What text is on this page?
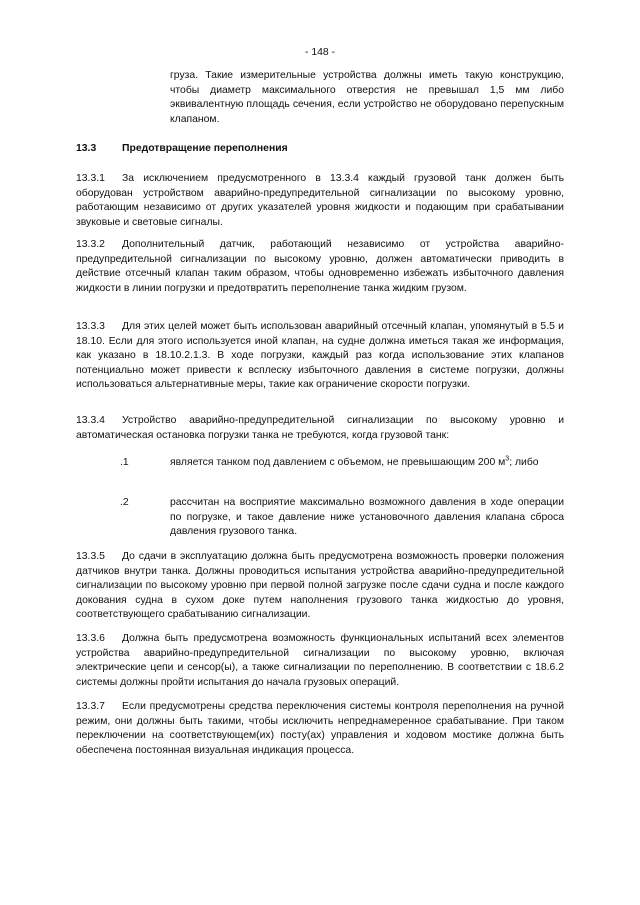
- 148 -
груза. Такие измерительные устройства должны иметь такую конструкцию, чтобы диаметр максимального отверстия не превышал 1,5 мм либо эквивалентную площадь сечения, если устройство не оборудовано перепускным клапаном.
13.3 Предотвращение переполнения
13.3.1 За исключением предусмотренного в 13.3.4 каждый грузовой танк должен быть оборудован устройством аварийно-предупредительной сигнализации по высокому уровню, работающим независимо от других указателей уровня жидкости и подающим при срабатывании звуковые и световые сигналы.
13.3.2 Дополнительный датчик, работающий независимо от устройства аварийно-предупредительной сигнализации по высокому уровню, должен автоматически приводить в действие отсечный клапан таким образом, чтобы одновременно избежать избыточного давления жидкости в линии погрузки и предотвратить переполнение танка жидким грузом.
13.3.3 Для этих целей может быть использован аварийный отсечный клапан, упомянутый в 5.5 и 18.10. Если для этого используется иной клапан, на судне должна иметься такая же информация, как указано в 18.10.2.1.3. В ходе погрузки, каждый раз когда использование этих клапанов потенциально может привести к всплеску избыточного давления в системе погрузки, должны использоваться альтернативные меры, такие как ограничение скорости погрузки.
13.3.4 Устройство аварийно-предупредительной сигнализации по высокому уровню и автоматическая остановка погрузки танка не требуются, когда грузовой танк:
.1	является танком под давлением с объемом, не превышающим 200 $м^3$; либо
.2	рассчитан на восприятие максимально возможного давления в ходе операции по погрузке, и такое давление ниже установочного давления клапана сброса давления грузового танка.
13.3.5 До сдачи в эксплуатацию должна быть предусмотрена возможность проверки положения датчиков внутри танка. Должны проводиться испытания устройства аварийно-предупредительной сигнализации по высокому уровню при первой полной загрузке после сдачи судна и после каждого докования судна в сухом доке путем наполнения грузового танка жидкостью до уровня, соответствующего срабатыванию сигнализации.
13.3.6 Должна быть предусмотрена возможность функциональных испытаний всех элементов устройства аварийно-предупредительной сигнализации по высокому уровню, включая электрические цепи и сенсор(ы), а также сигнализации по переполнению. В соответствии с 18.6.2 системы должны пройти испытания до начала грузовых операций.
13.3.7 Если предусмотрены средства переключения системы контроля переполнения на ручной режим, они должны быть такими, чтобы исключить непреднамеренное срабатывание. При таком переключении на соответствующем(их) посту(ах) управления и ходовом мостике должна быть обеспечена постоянная визуальная индикация процесса.
